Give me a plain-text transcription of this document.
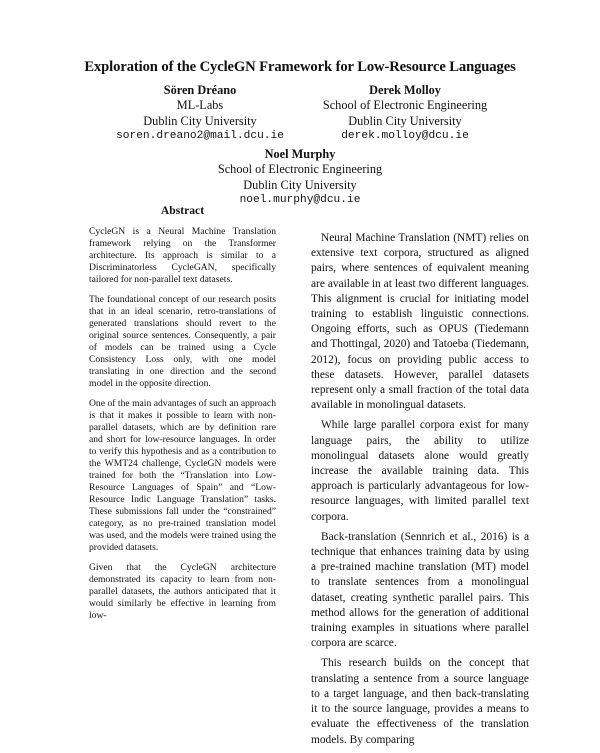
Exploration of the CycleGN Framework for Low-Resource Languages
Sören Dréano
ML-Labs
Dublin City University
soren.dreano2@mail.dcu.ie
Derek Molloy
School of Electronic Engineering
Dublin City University
derek.molloy@dcu.ie
Noel Murphy
School of Electronic Engineering
Dublin City University
noel.murphy@dcu.ie
Abstract

CycleGN is a Neural Machine Translation framework relying on the Transformer architecture. Its approach is similar to a Discriminatorless CycleGAN, specifically tailored for non-parallel text datasets.

The foundational concept of our research posits that in an ideal scenario, retro-translations of generated translations should revert to the original source sentences. Consequently, a pair of models can be trained using a Cycle Consistency Loss only, with one model translating in one direction and the second model in the opposite direction.

One of the main advantages of such an approach is that it makes it possible to learn with non-parallel datasets, which are by definition rare and short for low-resource languages. In order to verify this hypothesis and as a contribution to the WMT24 challenge, CycleGN models were trained for both the “Translation into Low-Resource Languages of Spain” and “Low-Resource Indic Language Translation” tasks. These submissions fall under the “constrained” category, as no pre-trained translation model was used, and the models were trained using the provided datasets.

Given that the CycleGN architecture demonstrated its capacity to learn from non-parallel datasets, the authors anticipated that it would similarly be effective in learning from low-

Neural Machine Translation (NMT) relies on extensive text corpora, structured as aligned pairs, where sentences of equivalent meaning are available in at least two different languages. This alignment is crucial for initiating model training to establish linguistic connections. Ongoing efforts, such as OPUS (Tiedemann and Thottingal, 2020) and Tatoeba (Tiedemann, 2012), focus on providing public access to these datasets. However, parallel datasets represent only a small fraction of the total data available in monolingual datasets.

While large parallel corpora exist for many language pairs, the ability to utilize monolingual datasets alone would greatly increase the available training data. This approach is particularly advantageous for low-resource languages, with limited parallel text corpora.

Back-translation (Sennrich et al., 2016) is a technique that enhances training data by using a pre-trained machine translation (MT) model to translate sentences from a monolingual dataset, creating synthetic parallel pairs. This method allows for the generation of additional training examples in situations where parallel corpora are scarce.

This research builds on the concept that translating a sentence from a source language to a target language, and then back-translating it to the source language, provides a means to evaluate the effectiveness of the translation models. By comparing
